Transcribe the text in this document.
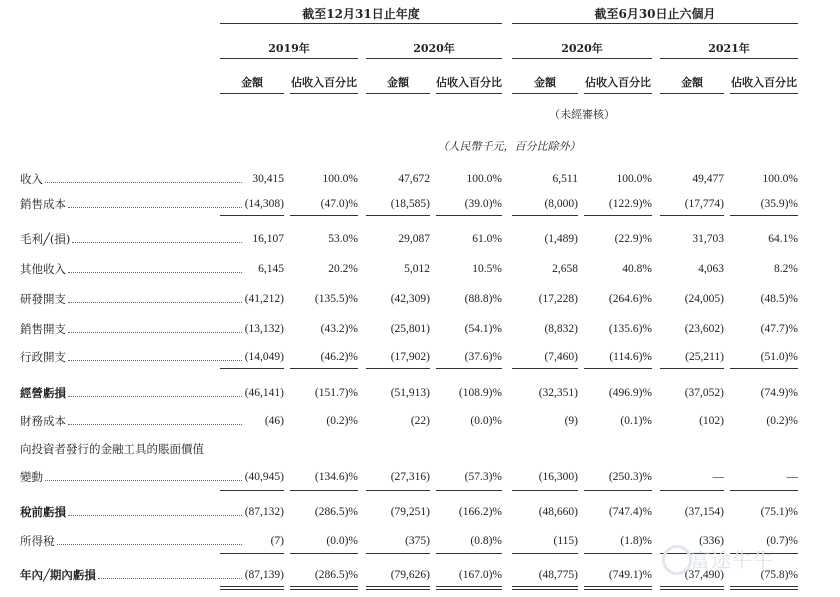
截至12月31日止年度	截至6月30日止六個月
2019年	2020年	2020年	2021年
金額	佔收入百分比	金額	佔收入百分比	金額	佔收入百分比	金額	佔收入百分比
（未經審核）
（人民幣千元，百分比除外）
收入	30,415	100.0%	47,672	100.0%	6,511	100.0%	49,477	100.0%
銷售成本	(14,308)	(47.0)%	(18,585)	(39.0)%	(8,000)	(122.9)%	(17,774)	(35.9)%
毛利╱(損)	16,107	53.0%	29,087	61.0%	(1,489)	(22.9)%	31,703	64.1%
其他收入	6,145	20.2%	5,012	10.5%	2,658	40.8%	4,063	8.2%
研發開支	(41,212)	(135.5)%	(42,309)	(88.8)%	(17,228)	(264.6)%	(24,005)	(48.5)%
銷售開支	(13,132)	(43.2)%	(25,801)	(54.1)%	(8,832)	(135.6)%	(23,602)	(47.7)%
行政開支	(14,049)	(46.2)%	(17,902)	(37.6)%	(7,460)	(114.6)%	(25,211)	(51.0)%
經營虧損	(46,141)	(151.7)%	(51,913)	(108.9)%	(32,351)	(496.9)%	(37,052)	(74.9)%
財務成本	(46)	(0.2)%	(22)	(0.0)%	(9)	(0.1)%	(102)	(0.2)%
向投資者發行的金融工具的賬面價值
變動	(40,945)	(134.6)%	(27,316)	(57.3)%	(16,300)	(250.3)%	—	—
稅前虧損	(87,132)	(286.5)%	(79,251)	(166.2)%	(48,660)	(747.4)%	(37,154)	(75.1)%
所得稅	(7)	(0.0)%	(375)	(0.8)%	(115)	(1.8)%	(336)	(0.7)%
年內╱期內虧損	(87,139)	(286.5)%	(79,626)	(167.0)%	(48,775)	(749.1)%	(37,490)	(75.8)%
富途牛牛
